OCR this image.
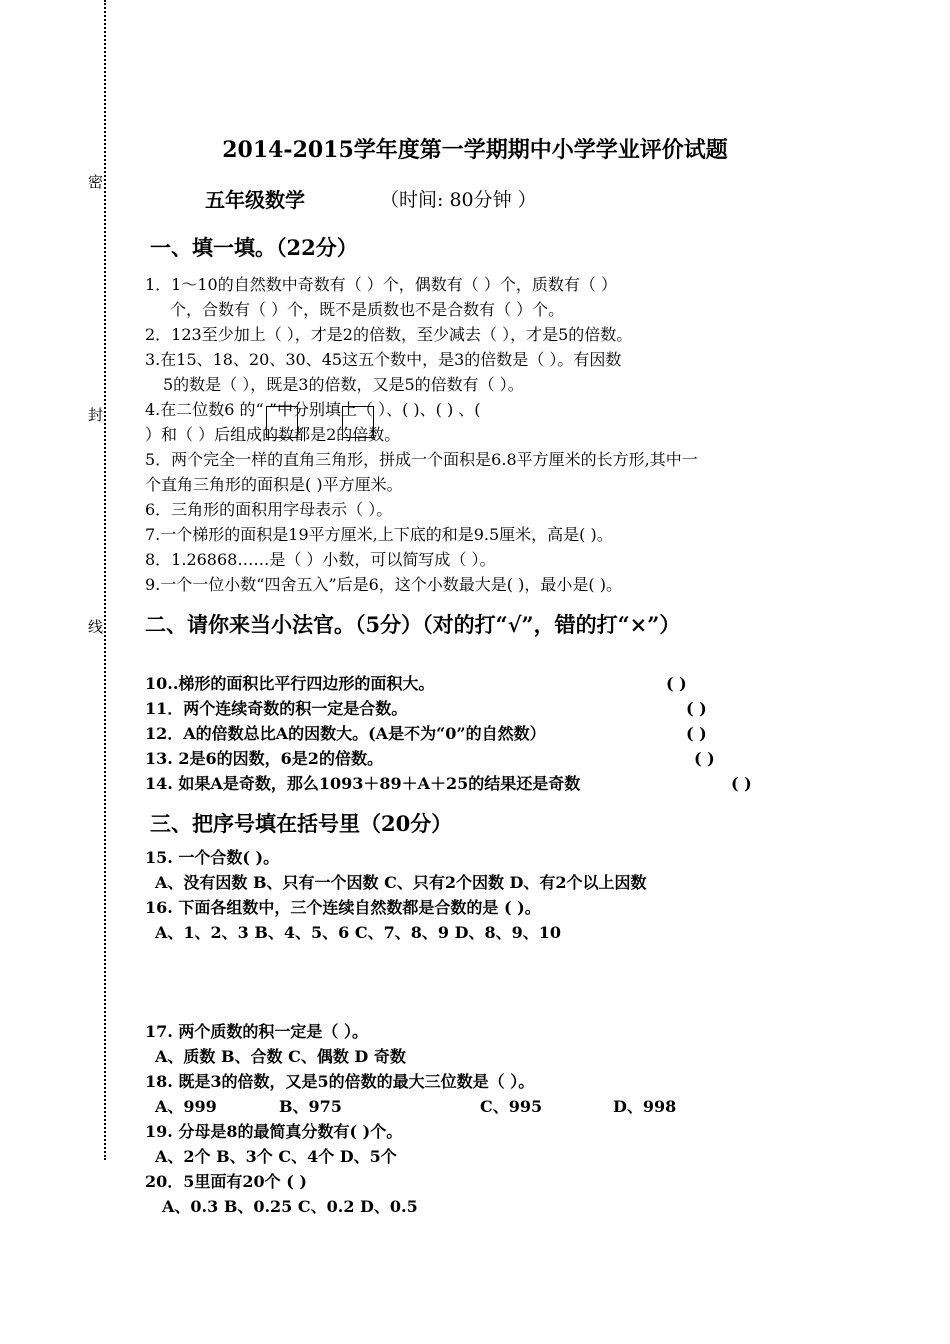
密
封
线
2014-2015学年度第一学期期中小学学业评价试题
五年级数学	（时间: 80分钟 ）
一、填一填。（22分）
1．1～10的自然数中奇数有（ ）个，偶数有（ ）个，质数有（ ）
个，合数有（ ）个，既不是质数也不是合数有（ ）个。
2．123至少加上（ ），才是2的倍数，至少减去（ ），才是5的倍数。
3.在15、18、20、30、45这五个数中，是3的倍数是（ ）。有因数
5的数是（ ），既是3的倍数，又是5的倍数有（ ）。
4.在二位数6 的“ ”中分别填上（ ）、( )、( ) 、(
）和（ ）后组成的数都是2的倍数。
5．两个完全一样的直角三角形，拼成一个面积是6.8平方厘米的长方形,其中一
个直角三角形的面积是( )平方厘米。
6．三角形的面积用字母表示（ ）。
7.一个梯形的面积是19平方厘米,上下底的和是9.5厘米，高是( )。
8．1.26868……是（ ）小数，可以简写成（ ）。
9.一个一位小数“四舍五入”后是6，这个小数最大是( )，最小是( )。
二、请你来当小法官。（5分）（对的打“√”，错的打“×”）
10..梯形的面积比平行四边形的面积大。	( )
11．两个连续奇数的积一定是合数。	( )
12．A的倍数总比A的因数大。(A是不为“0”的自然数）	( )
13. 2是6的因数，6是2的倍数。	( )
14. 如果A是奇数，那么1093＋89＋A＋25的结果还是奇数	( )
三、把序号填在括号里（20分）
15. 一个合数( )。
A、没有因数 B、只有一个因数 C、只有2个因数 D、有2个以上因数
16. 下面各组数中，三个连续自然数都是合数的是 ( )。
A、1、2、3 B、4、5、6 C、7、8、9 D、8、9、10
17. 两个质数的积一定是（ ）。
A、质数 B、合数 C、偶数 D 奇数
18. 既是3的倍数，又是5的倍数的最大三位数是（ ）。
A、999	B、975	C、995	D、998
19. 分母是8的最简真分数有( )个。
A、2个 B、3个 C、4个 D、5个
20．5里面有20个 ( )
A、0.3 B、0.25 C、0.2 D、0.5
